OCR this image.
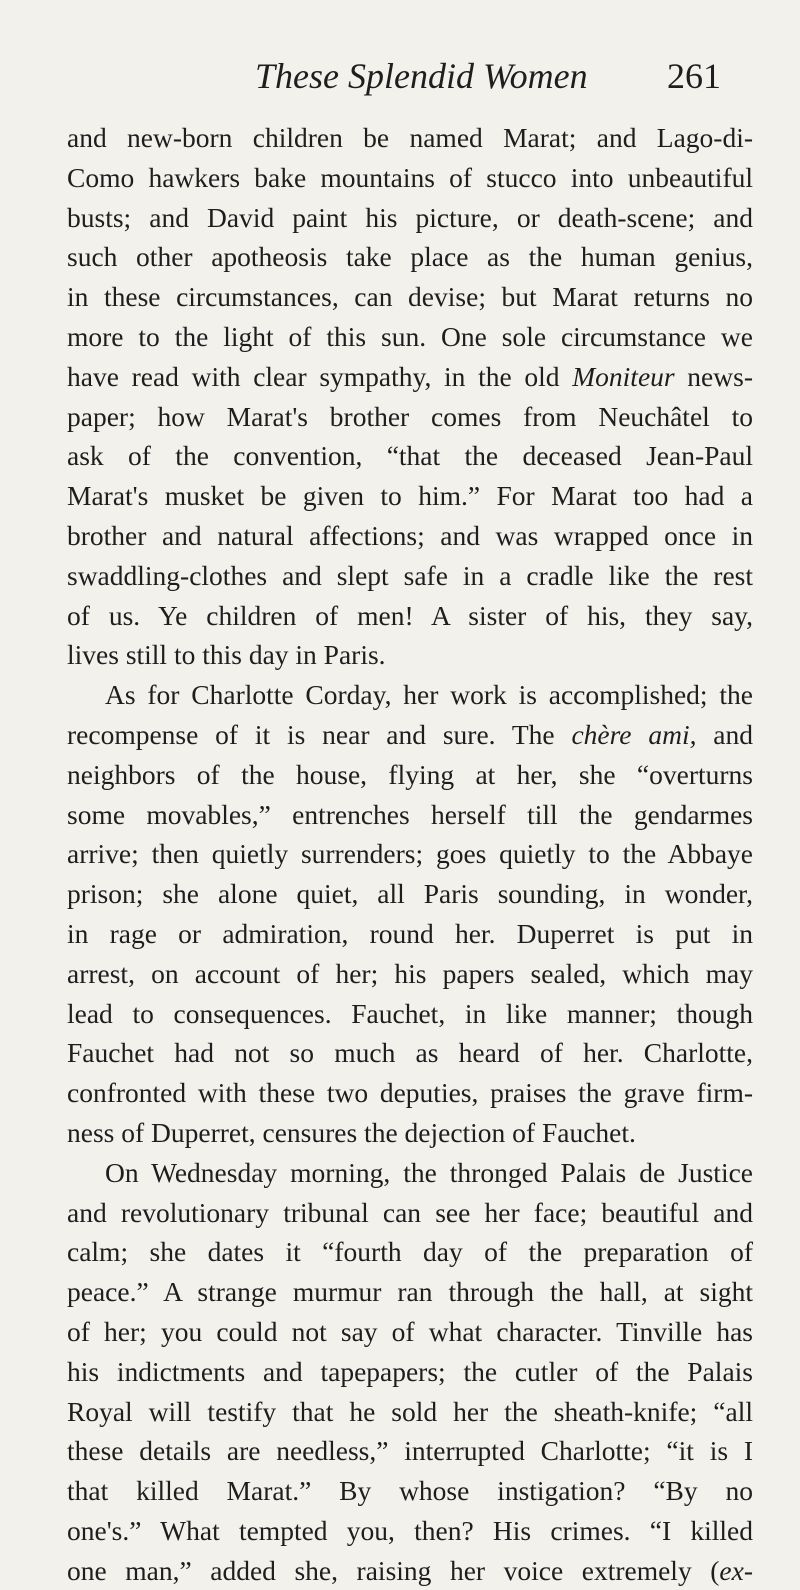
These Splendid Women 261
and new-born children be named Marat; and Lago-di-
Como hawkers bake mountains of stucco into unbeautiful
busts; and David paint his picture, or death-scene; and
such other apotheosis take place as the human genius,
in these circumstances, can devise; but Marat returns no
more to the light of this sun. One sole circumstance we
have read with clear sympathy, in the old Moniteur news-
paper; how Marat's brother comes from Neuchâtel to
ask of the convention, “that the deceased Jean-Paul
Marat's musket be given to him.” For Marat too had a
brother and natural affections; and was wrapped once in
swaddling-clothes and slept safe in a cradle like the rest
of us. Ye children of men! A sister of his, they say,
lives still to this day in Paris.
As for Charlotte Corday, her work is accomplished; the
recompense of it is near and sure. The chère ami, and
neighbors of the house, flying at her, she “overturns
some movables,” entrenches herself till the gendarmes
arrive; then quietly surrenders; goes quietly to the Abbaye
prison; she alone quiet, all Paris sounding, in wonder,
in rage or admiration, round her. Duperret is put in
arrest, on account of her; his papers sealed, which may
lead to consequences. Fauchet, in like manner; though
Fauchet had not so much as heard of her. Charlotte,
confronted with these two deputies, praises the grave firm-
ness of Duperret, censures the dejection of Fauchet.
On Wednesday morning, the thronged Palais de Justice
and revolutionary tribunal can see her face; beautiful and
calm; she dates it “fourth day of the preparation of
peace.” A strange murmur ran through the hall, at sight
of her; you could not say of what character. Tinville has
his indictments and tapepapers; the cutler of the Palais
Royal will testify that he sold her the sheath-knife; “all
these details are needless,” interrupted Charlotte; “it is I
that killed Marat.” By whose instigation? “By no
one's.” What tempted you, then? His crimes. “I killed
one man,” added she, raising her voice extremely (ex-
